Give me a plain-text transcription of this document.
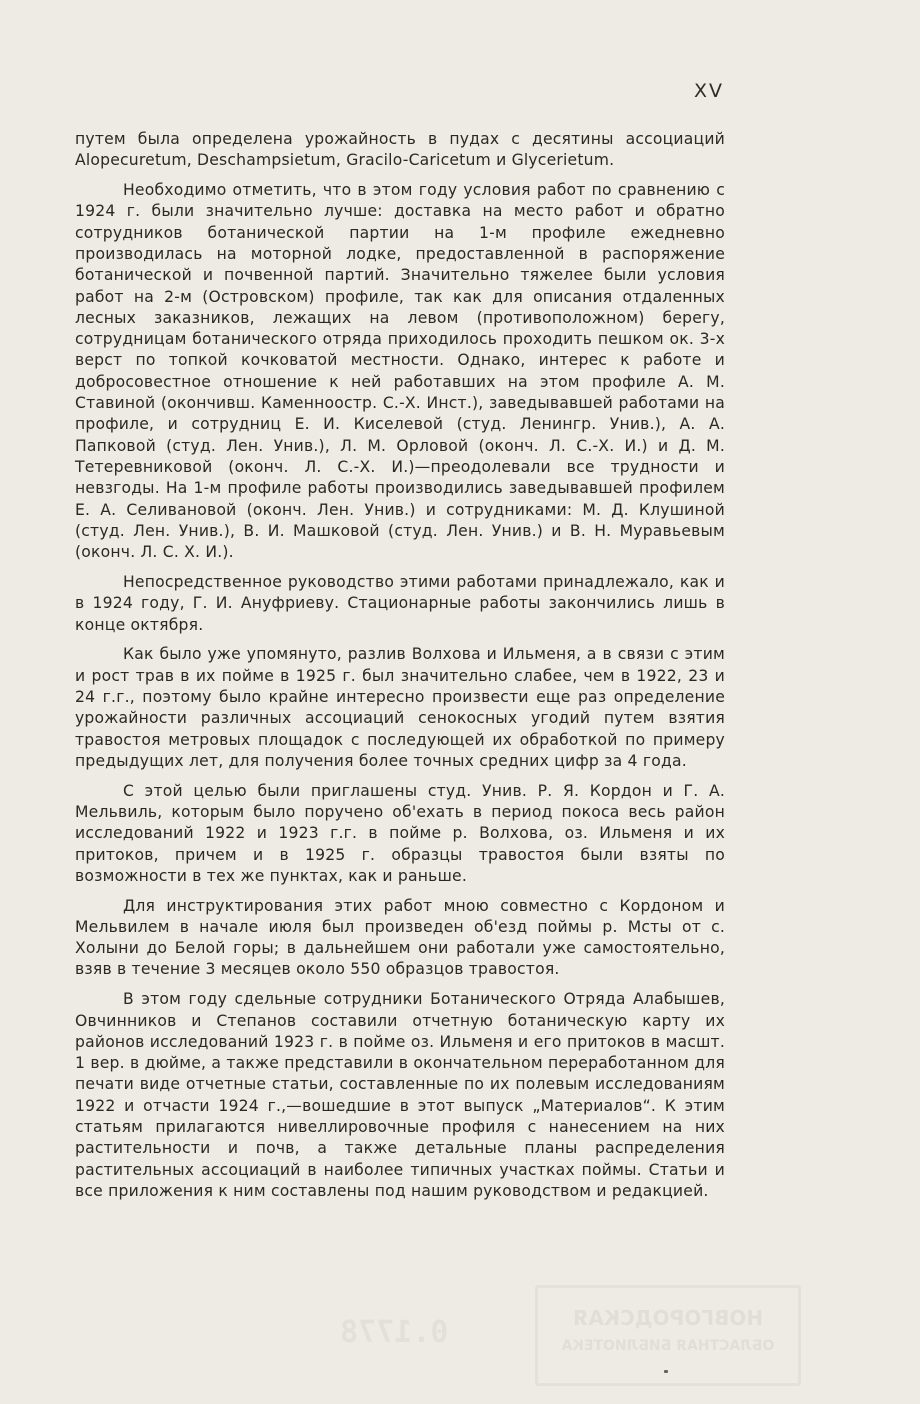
XV

путем была определена урожайность в пудах с десятины ассоциаций Alopecuretum, Deschampsietum, Gracilo-Caricetum и Glycerietum.

Необходимо отметить, что в этом году условия работ по сравнению с 1924 г. были значительно лучше: доставка на место работ и обратно сотрудников ботанической партии на 1-м профиле ежедневно производилась на моторной лодке, предоставленной в распоряжение ботанической и почвенной партий. Значительно тяжелее были условия работ на 2-м (Островском) профиле, так как для описания отдаленных лесных заказников, лежащих на левом (противоположном) берегу, сотрудницам ботанического отряда приходилось проходить пешком ок. 3-х верст по топкой кочковатой местности. Однако, интерес к работе и добросовестное отношение к ней работавших на этом профиле А. М. Ставиной (окончивш. Каменноостр. С.-Х. Инст.), заведывавшей работами на профиле, и сотрудниц Е. И. Киселевой (студ. Ленингр. Унив.), А. А. Папковой (студ. Лен. Унив.), Л. М. Орловой (оконч. Л. С.-Х. И.) и Д. М. Тетеревниковой (оконч. Л. С.-Х. И.)—преодолевали все трудности и невзгоды. На 1-м профиле работы производились заведывавшей профилем Е. А. Селивановой (оконч. Лен. Унив.) и сотрудниками: М. Д. Клушиной (студ. Лен. Унив.), В. И. Машковой (студ. Лен. Унив.) и В. Н. Муравьевым (оконч. Л. С. Х. И.).

Непосредственное руководство этими работами принадлежало, как и в 1924 году, Г. И. Ануфриеву. Стационарные работы закончились лишь в конце октября.

Как было уже упомянуто, разлив Волхова и Ильменя, а в связи с этим и рост трав в их пойме в 1925 г. был значительно слабее, чем в 1922, 23 и 24 г.г., поэтому было крайне интересно произвести еще раз определение урожайности различных ассоциаций сенокосных угодий путем взятия травостоя метровых площадок с последующей их обработкой по примеру предыдущих лет, для получения более точных средних цифр за 4 года.

С этой целью были приглашены студ. Унив. Р. Я. Кордон и Г. А. Мельвиль, которым было поручено об'ехать в период покоса весь район исследований 1922 и 1923 г.г. в пойме р. Волхова, оз. Ильменя и их притоков, причем и в 1925 г. образцы травостоя были взяты по возможности в тех же пунктах, как и раньше.

Для инструктирования этих работ мною совместно с Кордоном и Мельвилем в начале июля был произведен об'езд поймы р. Мсты от с. Холыни до Белой горы; в дальнейшем они работали уже самостоятельно, взяв в течение 3 месяцев около 550 образцов травостоя.

В этом году сдельные сотрудники Ботанического Отряда Алабышев, Овчинников и Степанов составили отчетную ботаническую карту их районов исследований 1923 г. в пойме оз. Ильменя и его притоков в масшт. 1 вер. в дюйме, а также представили в окончательном переработанном для печати виде отчетные статьи, составленные по их полевым исследованиям 1922 и отчасти 1924 г.,—вошедшие в этот выпуск „Материалов“. К этим статьям прилагаются нивеллировочные профиля с нанесением на них растительности и почв, а также детальные планы распределения растительных ассоциаций в наиболее типичных участках поймы. Статьи и все приложения к ним составлены под нашим руководством и редакцией.

0.1778	НОВГОРОДСКАЯ
ОБЛАСТНАЯ БИБЛИОТЕКА
